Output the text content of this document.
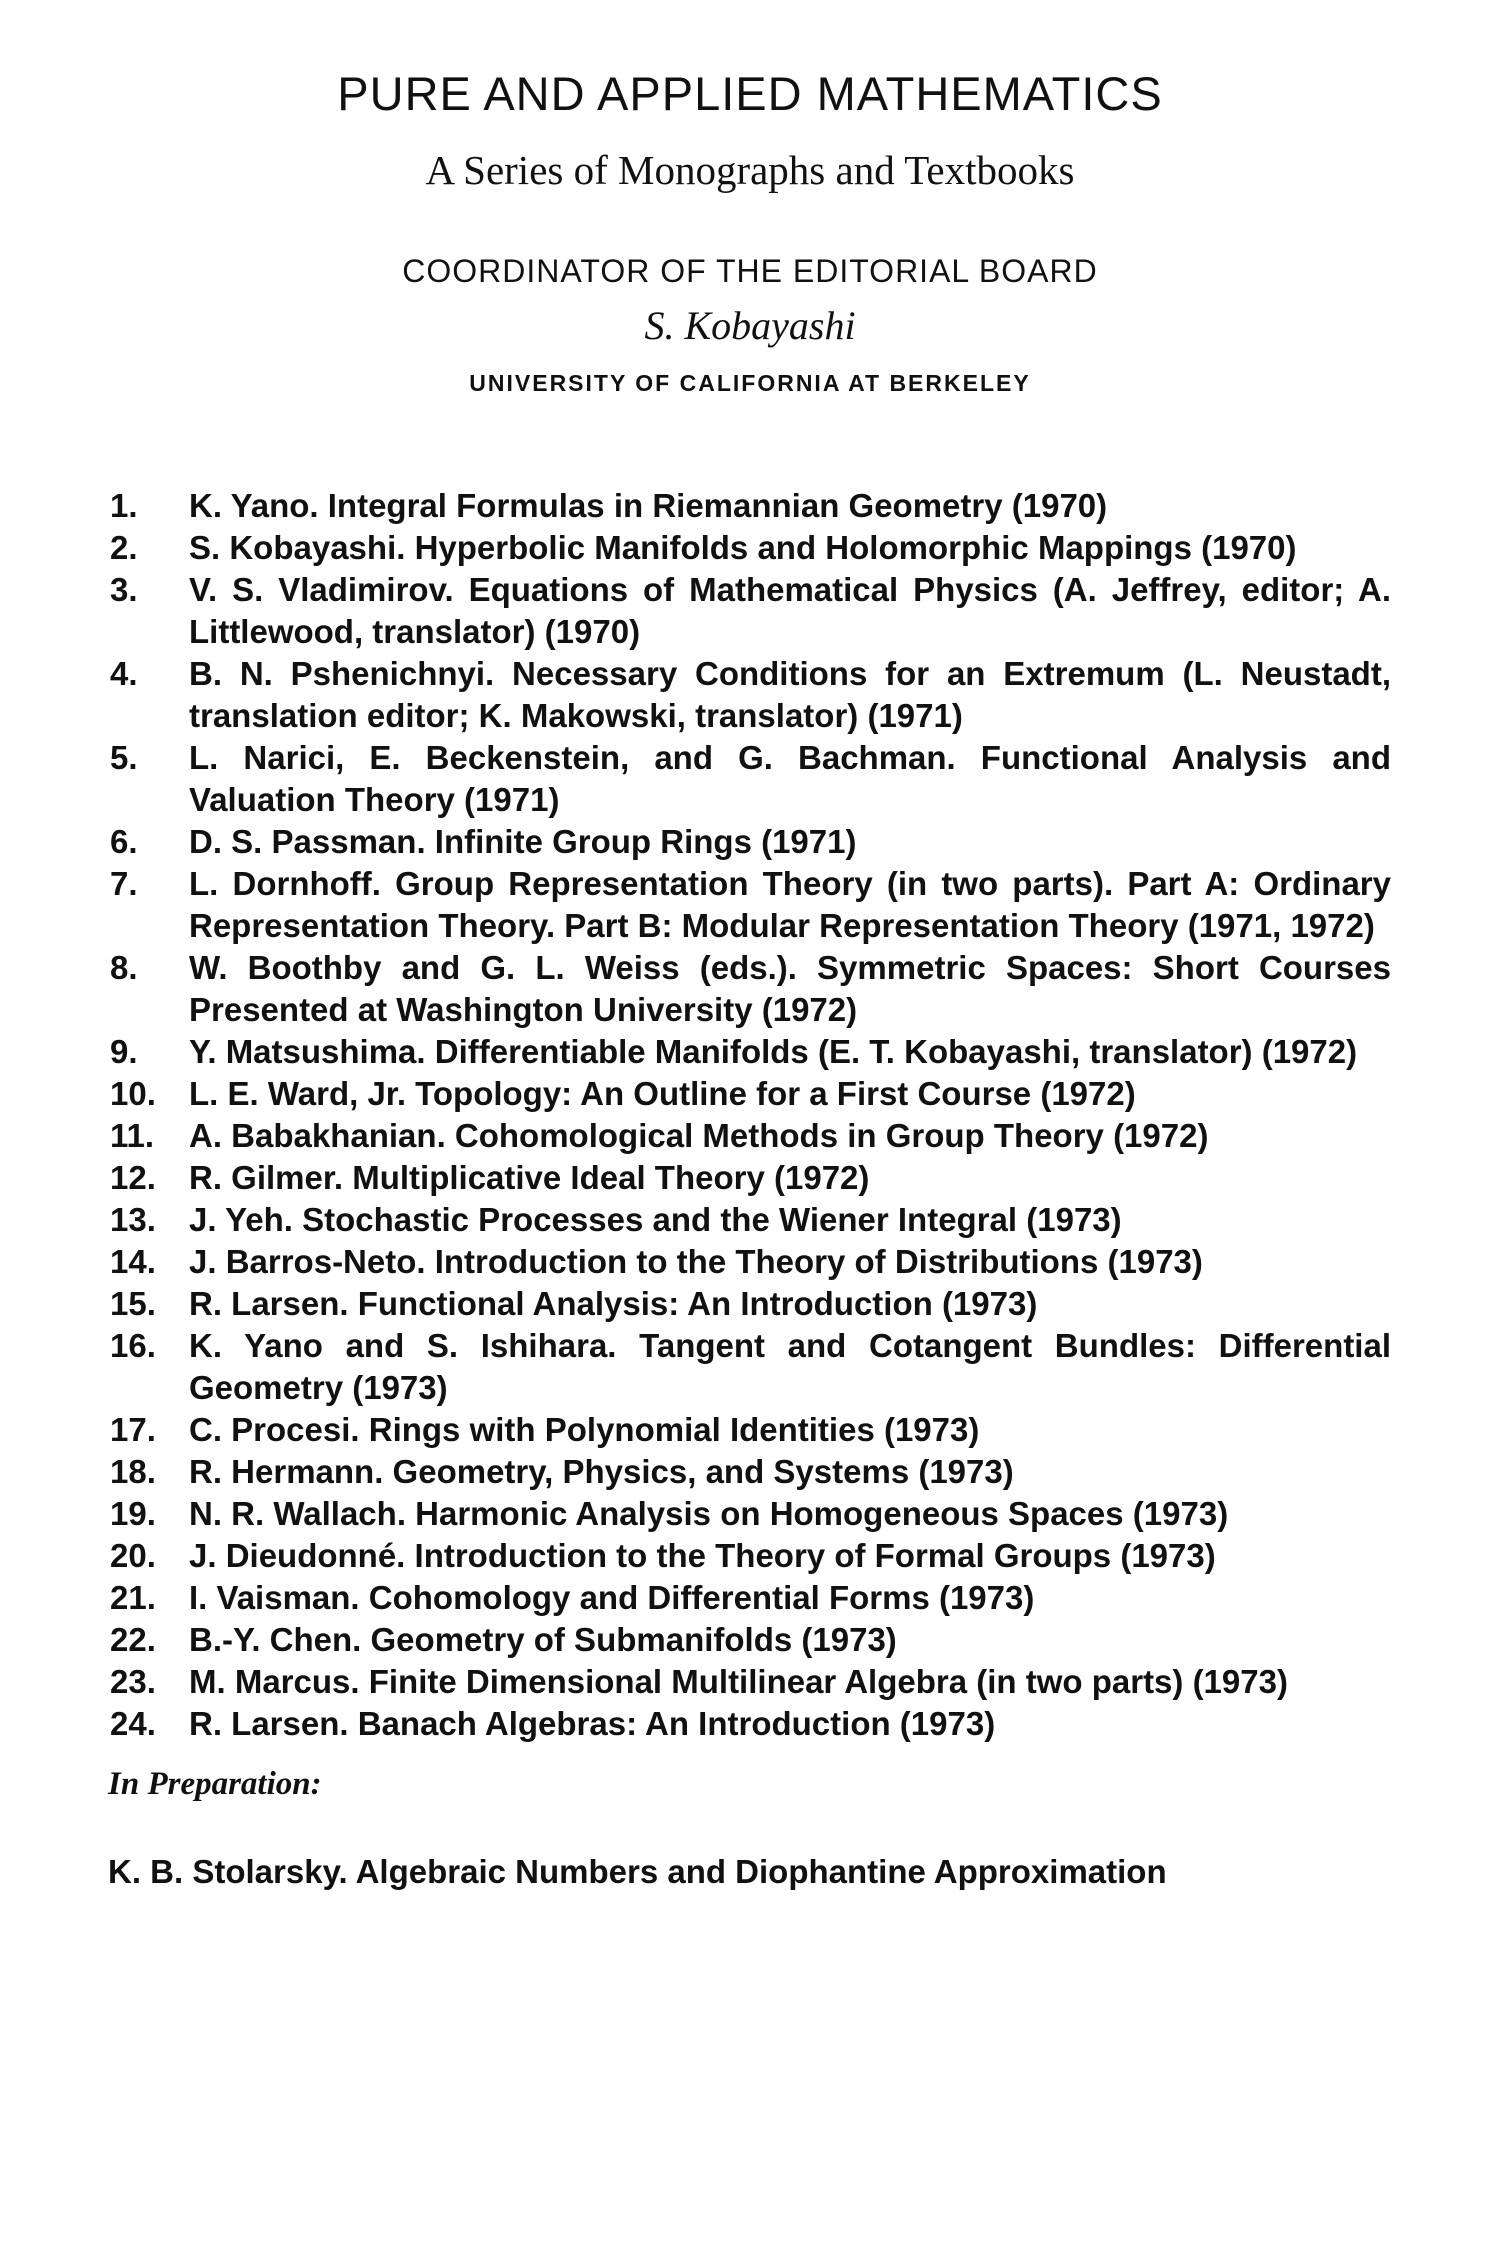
PURE AND APPLIED MATHEMATICS
A Series of Monographs and Textbooks
COORDINATOR OF THE EDITORIAL BOARD
S. Kobayashi
UNIVERSITY OF CALIFORNIA AT BERKELEY
1.	K. Yano. Integral Formulas in Riemannian Geometry (1970)
2.	S. Kobayashi. Hyperbolic Manifolds and Holomorphic Mappings (1970)
3.	V. S. Vladimirov. Equations of Mathematical Physics (A. Jeffrey, editor; A. Littlewood, translator) (1970)
4.	B. N. Pshenichnyi. Necessary Conditions for an Extremum (L. Neustadt, translation editor; K. Makowski, translator) (1971)
5.	L. Narici, E. Beckenstein, and G. Bachman. Functional Analysis and Valuation Theory (1971)
6.	D. S. Passman. Infinite Group Rings (1971)
7.	L. Dornhoff. Group Representation Theory (in two parts). Part A: Ordinary Representation Theory. Part B: Modular Representation Theory (1971, 1972)
8.	W. Boothby and G. L. Weiss (eds.). Symmetric Spaces: Short Courses Presented at Washington University (1972)
9.	Y. Matsushima. Differentiable Manifolds (E. T. Kobayashi, translator) (1972)
10.	L. E. Ward, Jr. Topology: An Outline for a First Course (1972)
11.	A. Babakhanian. Cohomological Methods in Group Theory (1972)
12.	R. Gilmer. Multiplicative Ideal Theory (1972)
13.	J. Yeh. Stochastic Processes and the Wiener Integral (1973)
14.	J. Barros-Neto. Introduction to the Theory of Distributions (1973)
15.	R. Larsen. Functional Analysis: An Introduction (1973)
16.	K. Yano and S. Ishihara. Tangent and Cotangent Bundles: Differential Geometry (1973)
17.	C. Procesi. Rings with Polynomial Identities (1973)
18.	R. Hermann. Geometry, Physics, and Systems (1973)
19.	N. R. Wallach. Harmonic Analysis on Homogeneous Spaces (1973)
20.	J. Dieudonné. Introduction to the Theory of Formal Groups (1973)
21.	I. Vaisman. Cohomology and Differential Forms (1973)
22.	B.-Y. Chen. Geometry of Submanifolds (1973)
23.	M. Marcus. Finite Dimensional Multilinear Algebra (in two parts) (1973)
24.	R. Larsen. Banach Algebras: An Introduction (1973)
In Preparation:
K. B. Stolarsky. Algebraic Numbers and Diophantine Approximation
